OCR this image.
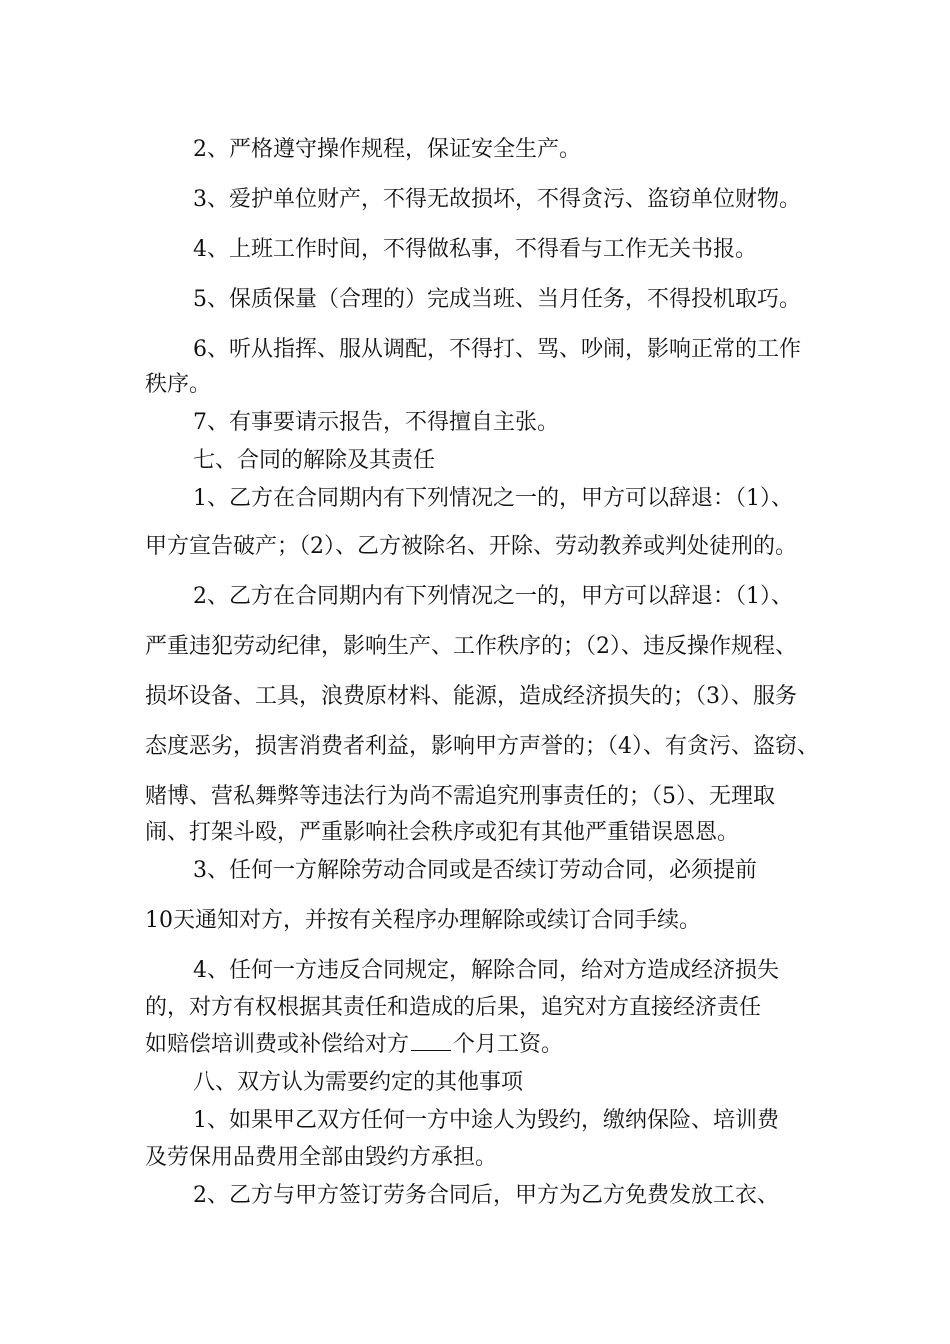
2、严格遵守操作规程，保证安全生产。
3、爱护单位财产，不得无故损坏，不得贪污、盗窃单位财物。
4、上班工作时间，不得做私事，不得看与工作无关书报。
5、保质保量（合理的）完成当班、当月任务，不得投机取巧。
6、听从指挥、服从调配，不得打、骂、吵闹，影响正常的工作
秩序。
7、有事要请示报告，不得擅自主张。
七、合同的解除及其责任
1、乙方在合同期内有下列情况之一的，甲方可以辞退：（1）、
甲方宣告破产；（2）、乙方被除名、开除、劳动教养或判处徒刑的。
2、乙方在合同期内有下列情况之一的，甲方可以辞退：（1）、
严重违犯劳动纪律，影响生产、工作秩序的；（2）、违反操作规程、
损坏设备、工具，浪费原材料、能源，造成经济损失的；（3）、服务
态度恶劣，损害消费者利益，影响甲方声誉的；（4）、有贪污、盗窃、
赌博、营私舞弊等违法行为尚不需追究刑事责任的；（5）、无理取
闹、打架斗殴，严重影响社会秩序或犯有其他严重错误恩恩。
3、任何一方解除劳动合同或是否续订劳动合同，必须提前
10天通知对方，并按有关程序办理解除或续订合同手续。
4、任何一方违反合同规定，解除合同，给对方造成经济损失
的，对方有权根据其责任和造成的后果，追究对方直接经济责任
如赔偿培训费或补偿给对方 个月工资。
八、双方认为需要约定的其他事项
1、如果甲乙双方任何一方中途人为毁约，缴纳保险、培训费
及劳保用品费用全部由毁约方承担。
2、乙方与甲方签订劳务合同后，甲方为乙方免费发放工衣、
